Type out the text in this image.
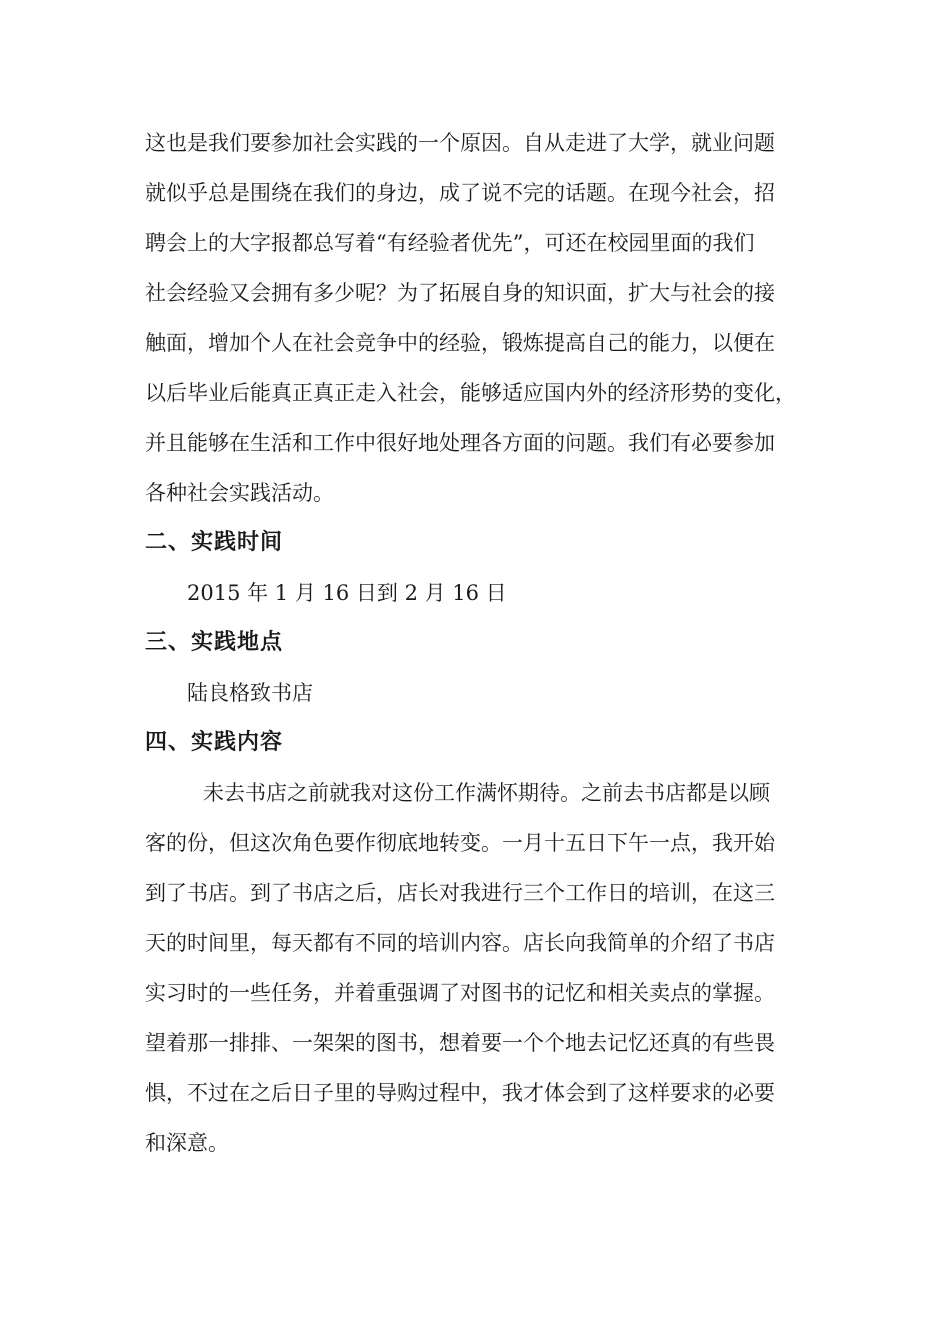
这也是我们要参加社会实践的一个原因。自从走进了大学，就业问题
就似乎总是围绕在我们的身边，成了说不完的话题。在现今社会，招
聘会上的大字报都总写着“有经验者优先”，可还在校园里面的我们
社会经验又会拥有多少呢？为了拓展自身的知识面，扩大与社会的接
触面，增加个人在社会竞争中的经验，锻炼提高自己的能力，以便在
以后毕业后能真正真正走入社会，能够适应国内外的经济形势的变化，
并且能够在生活和工作中很好地处理各方面的问题。我们有必要参加
各种社会实践活动。
二、实践时间
2015 年 1 月 16 日到 2 月 16 日
三、实践地点
陆良格致书店
四、实践内容
未去书店之前就我对这份工作满怀期待。之前去书店都是以顾
客的份，但这次角色要作彻底地转变。一月十五日下午一点，我开始
到了书店。到了书店之后，店长对我进行三个工作日的培训，在这三
天的时间里，每天都有不同的培训内容。店长向我简单的介绍了书店
实习时的一些任务，并着重强调了对图书的记忆和相关卖点的掌握。
望着那一排排、一架架的图书，想着要一个个地去记忆还真的有些畏
惧，不过在之后日子里的导购过程中，我才体会到了这样要求的必要
和深意。
